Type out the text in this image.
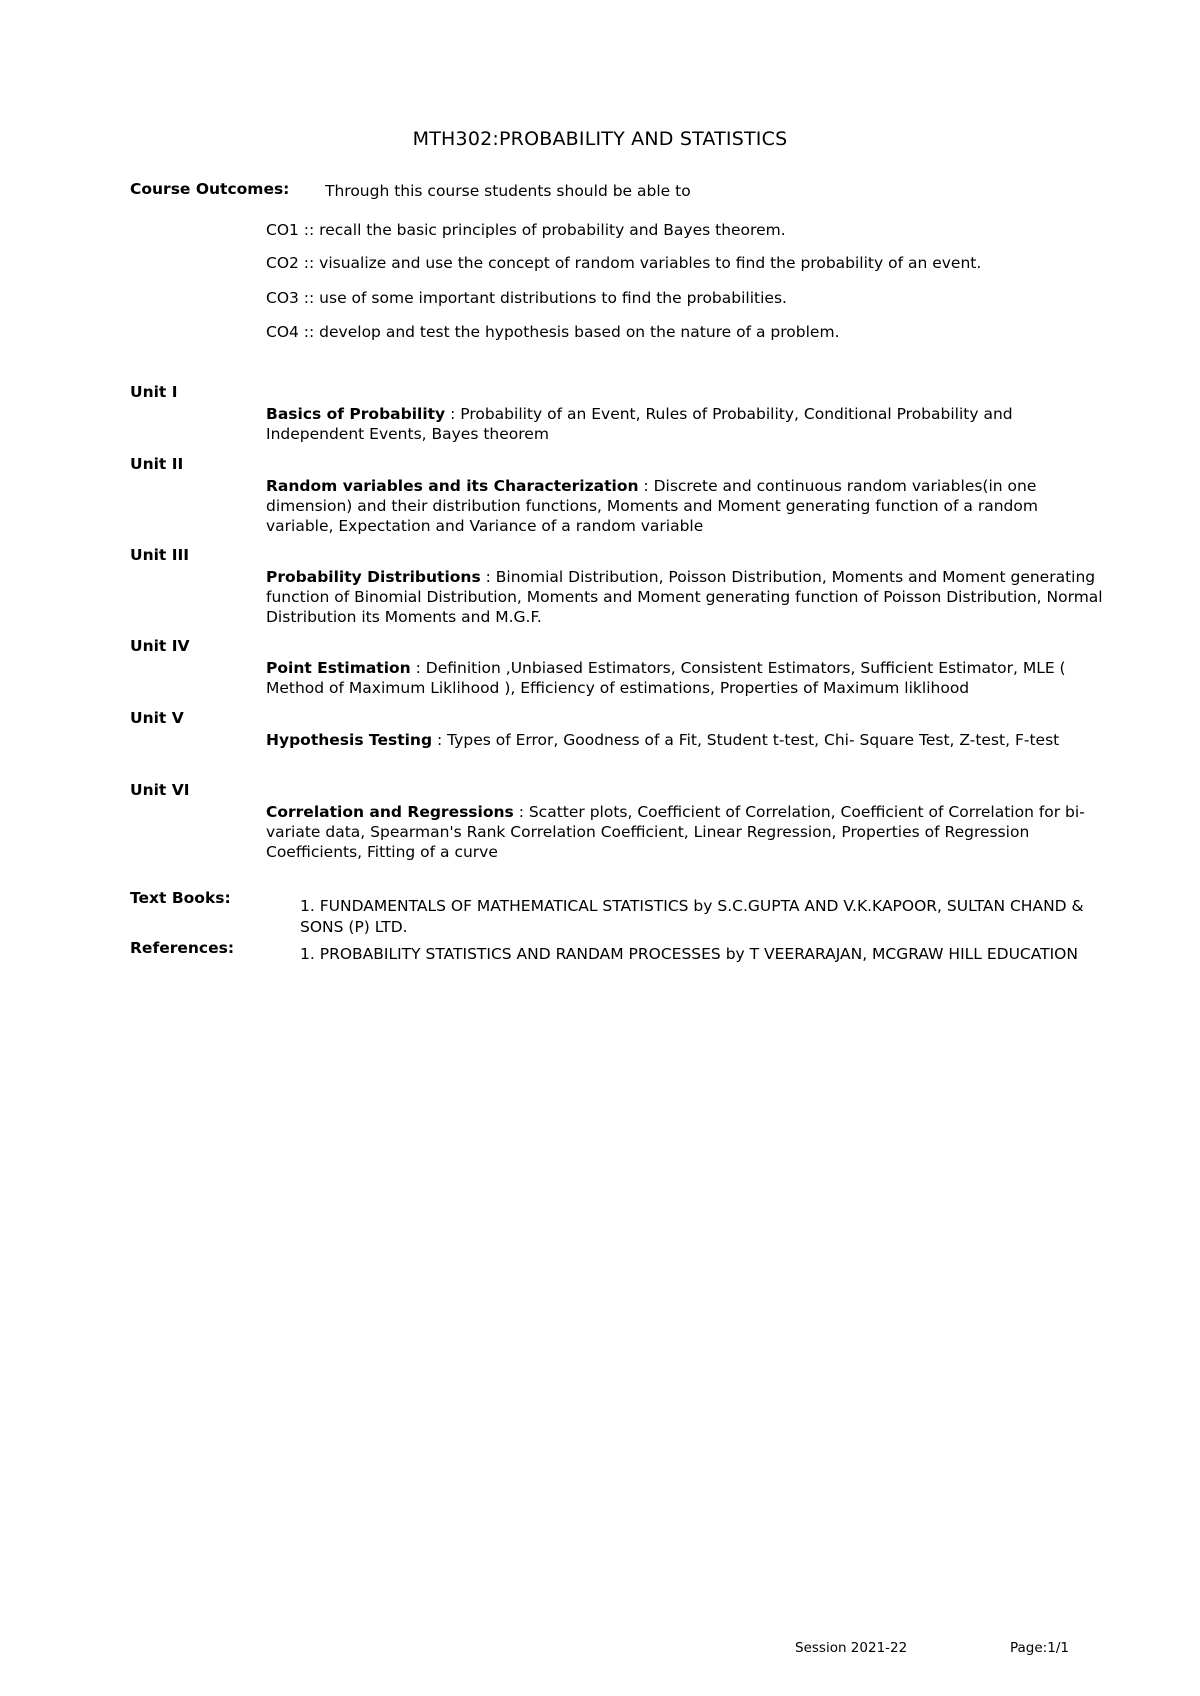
MTH302:PROBABILITY AND STATISTICS
Course Outcomes: Through this course students should be able to
CO1 :: recall the basic principles of probability and Bayes theorem.
CO2 :: visualize and use the concept of random variables to find the probability of an event.
CO3 :: use of some important distributions to find the probabilities.
CO4 :: develop and test the hypothesis based on the nature of a problem.
Unit I
Basics of Probability : Probability of an Event, Rules of Probability, Conditional Probability and Independent Events, Bayes theorem
Unit II
Random variables and its Characterization : Discrete and continuous random variables(in one dimension) and their distribution functions, Moments and Moment generating function of a random variable, Expectation and Variance of a random variable
Unit III
Probability Distributions : Binomial Distribution, Poisson Distribution, Moments and Moment generating function of Binomial Distribution, Moments and Moment generating function of Poisson Distribution, Normal Distribution its Moments and M.G.F.
Unit IV
Point Estimation : Definition ,Unbiased Estimators, Consistent Estimators, Sufficient Estimator, MLE ( Method of Maximum Liklihood ), Efficiency of estimations, Properties of Maximum liklihood
Unit V
Hypothesis Testing : Types of Error, Goodness of a Fit, Student t-test, Chi- Square Test, Z-test, F-test
Unit VI
Correlation and Regressions : Scatter plots, Coefficient of Correlation, Coefficient of Correlation for bi-variate data, Spearman's Rank Correlation Coefficient, Linear Regression, Properties of Regression Coefficients, Fitting of a curve
Text Books:	1. FUNDAMENTALS OF MATHEMATICAL STATISTICS by S.C.GUPTA AND V.K.KAPOOR, SULTAN CHAND & SONS (P) LTD.
References:	1. PROBABILITY STATISTICS AND RANDAM PROCESSES by T VEERARAJAN, MCGRAW HILL EDUCATION
Session 2021-22	Page:1/1
